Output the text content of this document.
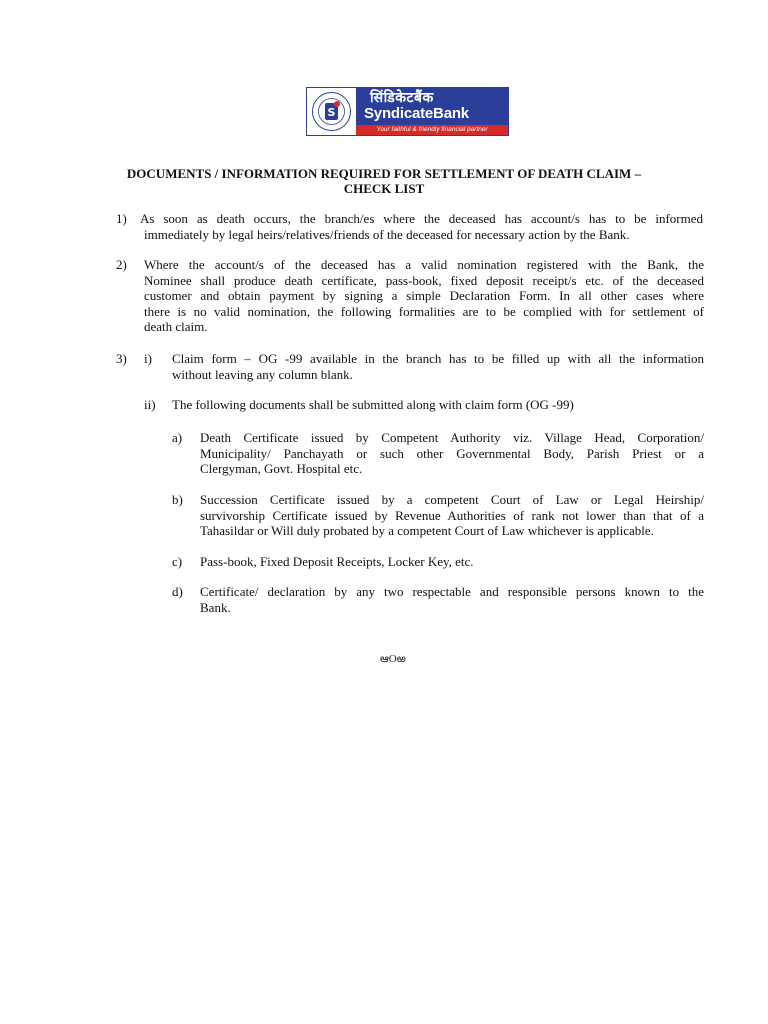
S
सिंडिकेटबैंक
SyndicateBank
Your faithful & friendly financial partner
DOCUMENTS / INFORMATION REQUIRED FOR SETTLEMENT OF DEATH CLAIM –
CHECK LIST
1) As soon as death occurs, the branch/es where the deceased has account/s has to be informed
immediately by legal heirs/relatives/friends of the deceased for necessary action by the Bank.
2) Where the account/s of the deceased has a valid nomination registered with the Bank, the
Nominee shall produce death certificate, pass-book, fixed deposit receipt/s etc. of the deceased
customer and obtain payment by signing a simple Declaration Form. In all other cases where
there is no valid nomination, the following formalities are to be complied with for settlement of
death claim.
3) i) Claim form – OG -99 available in the branch has to be filled up with all the information
without leaving any column blank.
ii) The following documents shall be submitted along with claim form (OG -99)
a) Death Certificate issued by Competent Authority viz. Village Head, Corporation/
Municipality/ Panchayath or such other Governmental Body, Parish Priest or a
Clergyman, Govt. Hospital etc.
b) Succession Certificate issued by a competent Court of Law or Legal Heirship/
survivorship Certificate issued by Revenue Authorities of rank not lower than that of a
Tahasildar or Will duly probated by a competent Court of Law whichever is applicable.
c) Pass-book, Fixed Deposit Receipts, Locker Key, etc.
d) Certificate/ declaration by any two respectable and responsible persons known to the
Bank.
ఆOఱ
